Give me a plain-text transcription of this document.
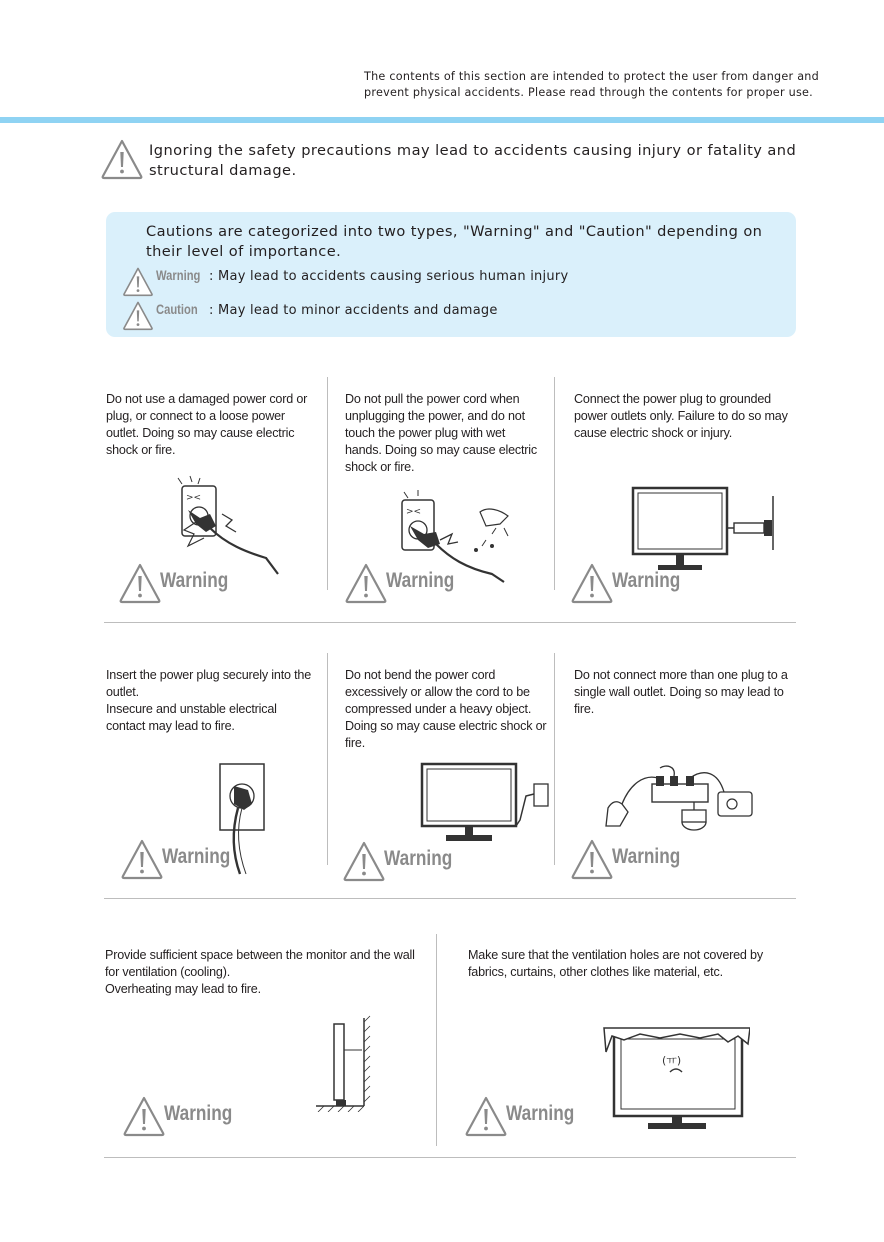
The contents of this section are intended to protect the user from danger and
prevent physical accidents. Please read through the contents for proper use.
Ignoring the safety precautions may lead to accidents causing injury or fatality and structural damage.
Cautions are categorized into two types, "Warning" and "Caution" depending on their level of importance.
Warning : May lead to accidents causing serious human injury
Caution : May lead to minor accidents and damage
Do not use a damaged power cord or plug, or connect to a loose power outlet. Doing so may cause electric shock or fire.
Do not pull the power cord when unplugging the power, and do not touch the power plug with wet hands. Doing so may cause electric shock or fire.
Connect the power plug to grounded power outlets only. Failure to do so may cause electric shock or injury.
><
Warning
><
Warning	Warning
Insert the power plug securely into the outlet.
Insecure and unstable electrical contact may lead to fire.
Do not bend the power cord excessively or allow the cord to be compressed under a heavy object. Doing so may cause electric shock or fire.
Do not connect more than one plug to a single wall outlet. Doing so may lead to fire.
Warning	Warning	Warning
Provide sufficient space between the monitor and the wall for ventilation (cooling).
Overheating may lead to fire.
Make sure that the ventilation holes are not covered by fabrics, curtains, other clothes like material, etc.
Warning
(ㅠ)
Warning
